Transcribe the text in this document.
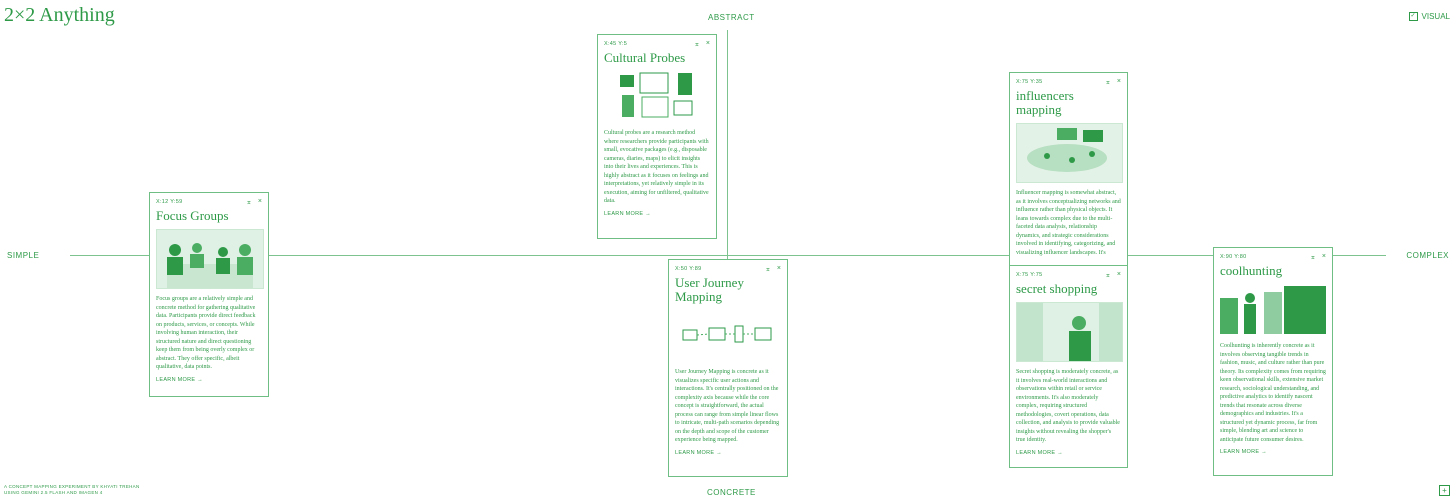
2×2 Anything	✓ VISUAL
ABSTRACT
CONCRETE
SIMPLE	COMPLEX
X:12 Y:59	⌅ ×
Focus Groups

Focus groups are a relatively simple and concrete method for gathering qualitative data. Participants provide direct feedback on products, services, or concepts. While involving human interaction, their structured nature and direct questioning keep them from being overly complex or abstract. They offer specific, albeit qualitative, data points.

LEARN MORE →
X:45 Y:5	⌅ ×
Cultural Probes

Cultural probes are a research method where researchers provide participants with small, evocative packages (e.g., disposable cameras, diaries, maps) to elicit insights into their lives and experiences. This is highly abstract as it focuses on feelings and interpretations, yet relatively simple in its execution, aiming for unfiltered, qualitative data.

LEARN MORE →
X:50 Y:89	⌅ ×
User Journey Mapping

User Journey Mapping is concrete as it visualizes specific user actions and interactions. It's centrally positioned on the complexity axis because while the core concept is straightforward, the actual process can range from simple linear flows to intricate, multi-path scenarios depending on the depth and scope of the customer experience being mapped.

LEARN MORE →
X:75 Y:35	⌅ ×
influencers mapping

Influencer mapping is somewhat abstract, as it involves conceptualizing networks and influence rather than physical objects. It leans towards complex due to the multi-faceted data analysis, relationship dynamics, and strategic considerations involved in identifying, categorizing, and visualizing influencer landscapes. It's

X:75 Y:75	⌅ ×
secret shopping

Secret shopping is moderately concrete, as it involves real-world interactions and observations within retail or service environments. It's also moderately complex, requiring structured methodologies, covert operations, data collection, and analysis to provide valuable insights without revealing the shopper's true identity.

LEARN MORE →
X:90 Y:80	⌅ ×
coolhunting

Coolhunting is inherently concrete as it involves observing tangible trends in fashion, music, and culture rather than pure theory. Its complexity comes from requiring keen observational skills, extensive market research, sociological understanding, and predictive analytics to identify nascent trends that resonate across diverse demographics and industries. It's a structured yet dynamic process, far from simple, blending art and science to anticipate future consumer desires.

LEARN MORE →
A CONCEPT MAPPING EXPERIMENT BY KHYATI TREHAN
USING GEMINI 2.5 FLASH AND IMAGEN 4	+
